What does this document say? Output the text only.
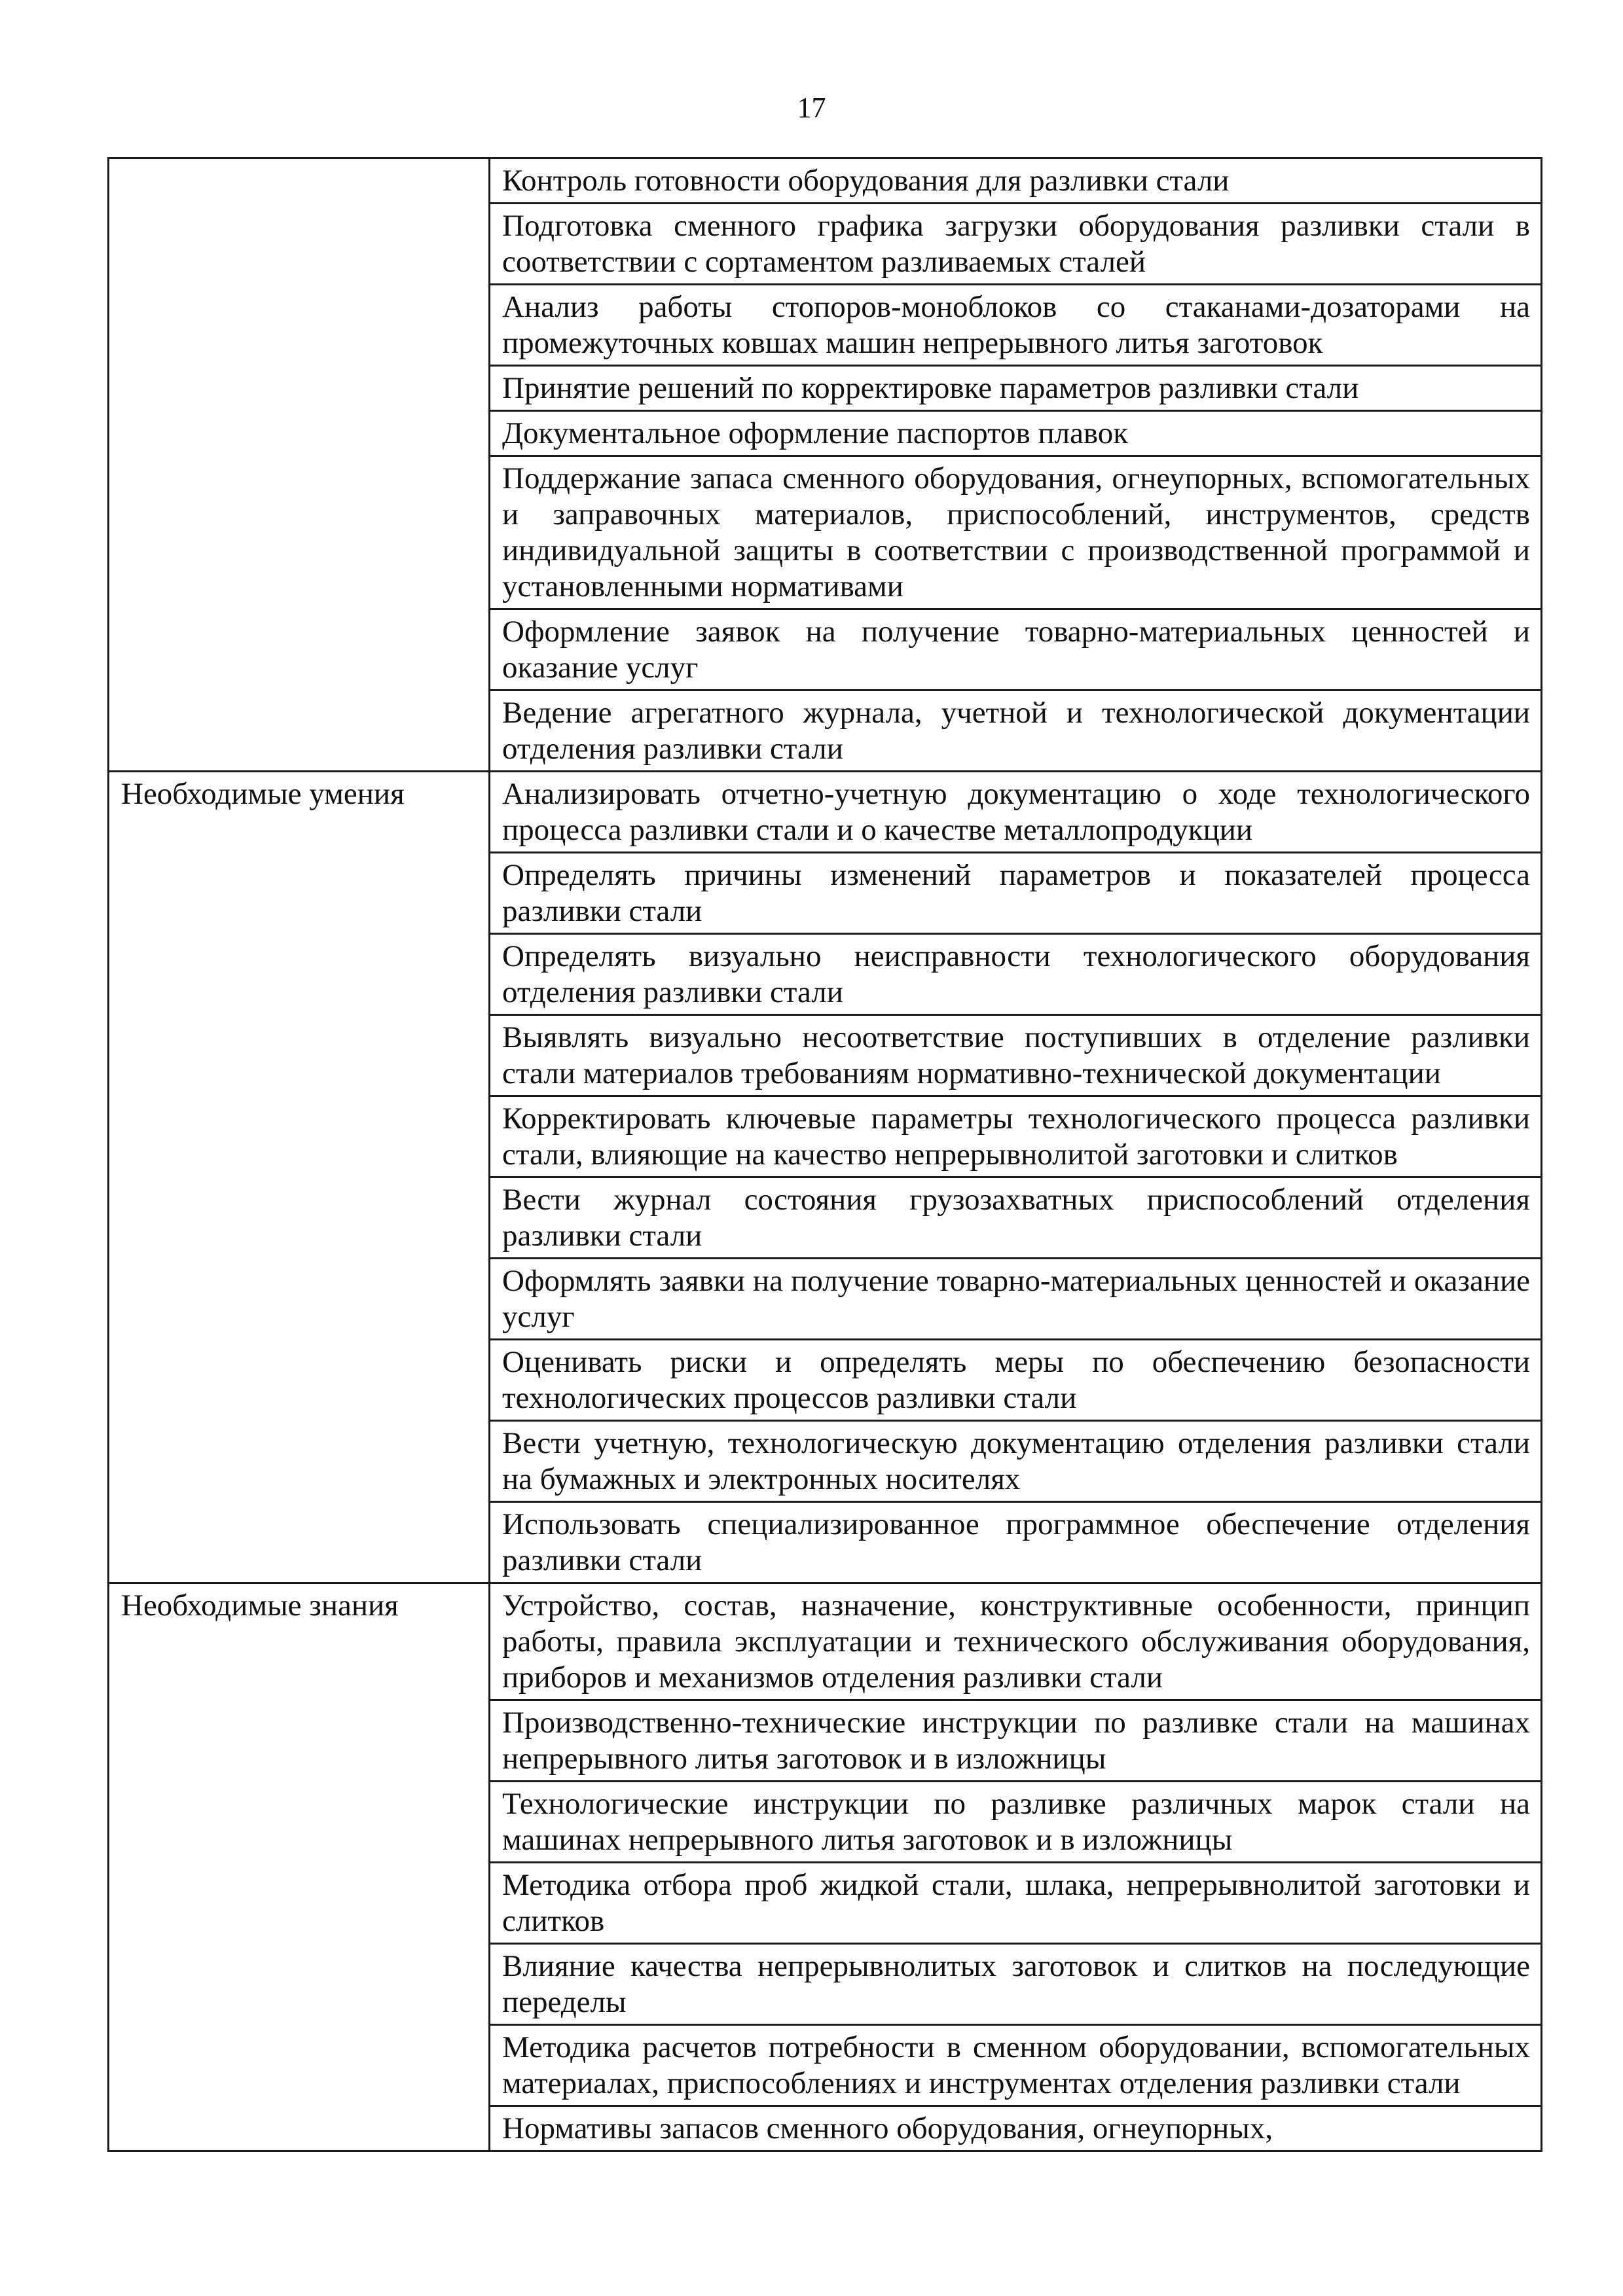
17
	Контроль готовности оборудования для разливки стали
	Подготовка сменного графика загрузки оборудования разливки стали в соответствии с сортаментом разливаемых сталей
	Анализ работы стопоров-моноблоков со стаканами-дозаторами на промежуточных ковшах машин непрерывного литья заготовок
	Принятие решений по корректировке параметров разливки стали
	Документальное оформление паспортов плавок
	Поддержание запаса сменного оборудования, огнеупорных, вспомогательных и заправочных материалов, приспособлений, инструментов, средств индивидуальной защиты в соответствии с производственной программой и установленными нормативами
	Оформление заявок на получение товарно-материальных ценностей и оказание услуг
	Ведение агрегатного журнала, учетной и технологической документации отделения разливки стали
Необходимые умения	Анализировать отчетно-учетную документацию о ходе технологического процесса разливки стали и о качестве металлопродукции
	Определять причины изменений параметров и показателей процесса разливки стали
	Определять визуально неисправности технологического оборудования отделения разливки стали
	Выявлять визуально несоответствие поступивших в отделение разливки стали материалов требованиям нормативно-технической документации
	Корректировать ключевые параметры технологического процесса разливки стали, влияющие на качество непрерывнолитой заготовки и слитков
	Вести журнал состояния грузозахватных приспособлений отделения разливки стали
	Оформлять заявки на получение товарно-материальных ценностей и оказание услуг
	Оценивать риски и определять меры по обеспечению безопасности технологических процессов разливки стали
	Вести учетную, технологическую документацию отделения разливки стали на бумажных и электронных носителях
	Использовать специализированное программное обеспечение отделения разливки стали
Необходимые знания	Устройство, состав, назначение, конструктивные особенности, принцип работы, правила эксплуатации и технического обслуживания оборудования, приборов и механизмов отделения разливки стали
	Производственно-технические инструкции по разливке стали на машинах непрерывного литья заготовок и в изложницы
	Технологические инструкции по разливке различных марок стали на машинах непрерывного литья заготовок и в изложницы
	Методика отбора проб жидкой стали, шлака, непрерывнолитой заготовки и слитков
	Влияние качества непрерывнолитых заготовок и слитков на последующие переделы
	Методика расчетов потребности в сменном оборудовании, вспомогательных материалах, приспособлениях и инструментах отделения разливки стали
	Нормативы запасов сменного оборудования, огнеупорных,
